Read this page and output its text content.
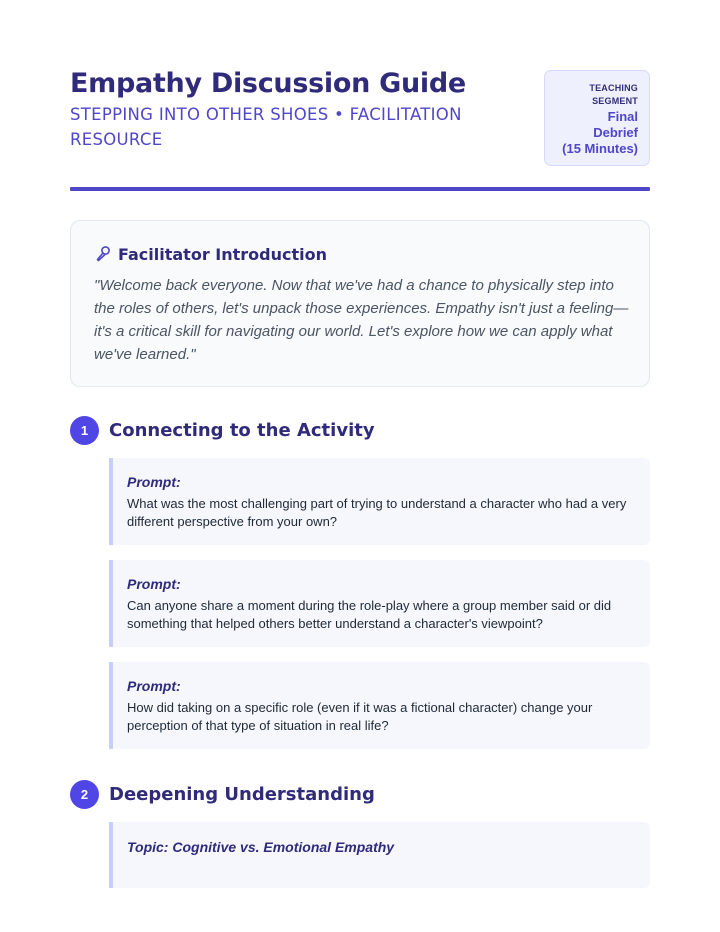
Empathy Discussion Guide
STEPPING INTO OTHER SHOES • FACILITATION RESOURCE
TEACHING
SEGMENT
Final
Debrief
(15 Minutes)
Facilitator Introduction

"Welcome back everyone. Now that we've had a chance to physically step into the roles of others, let's unpack those experiences. Empathy isn't just a feeling—it's a critical skill for navigating our world. Let's explore how we can apply what we've learned."

1	Connecting to the Activity
Prompt:
What was the most challenging part of trying to understand a character who had a very different perspective from your own?
Prompt:
Can anyone share a moment during the role-play where a group member said or did something that helped others better understand a character's viewpoint?
Prompt:
How did taking on a specific role (even if it was a fictional character) change your perception of that type of situation in real life?
2	Deepening Understanding
Topic: Cognitive vs. Emotional Empathy
